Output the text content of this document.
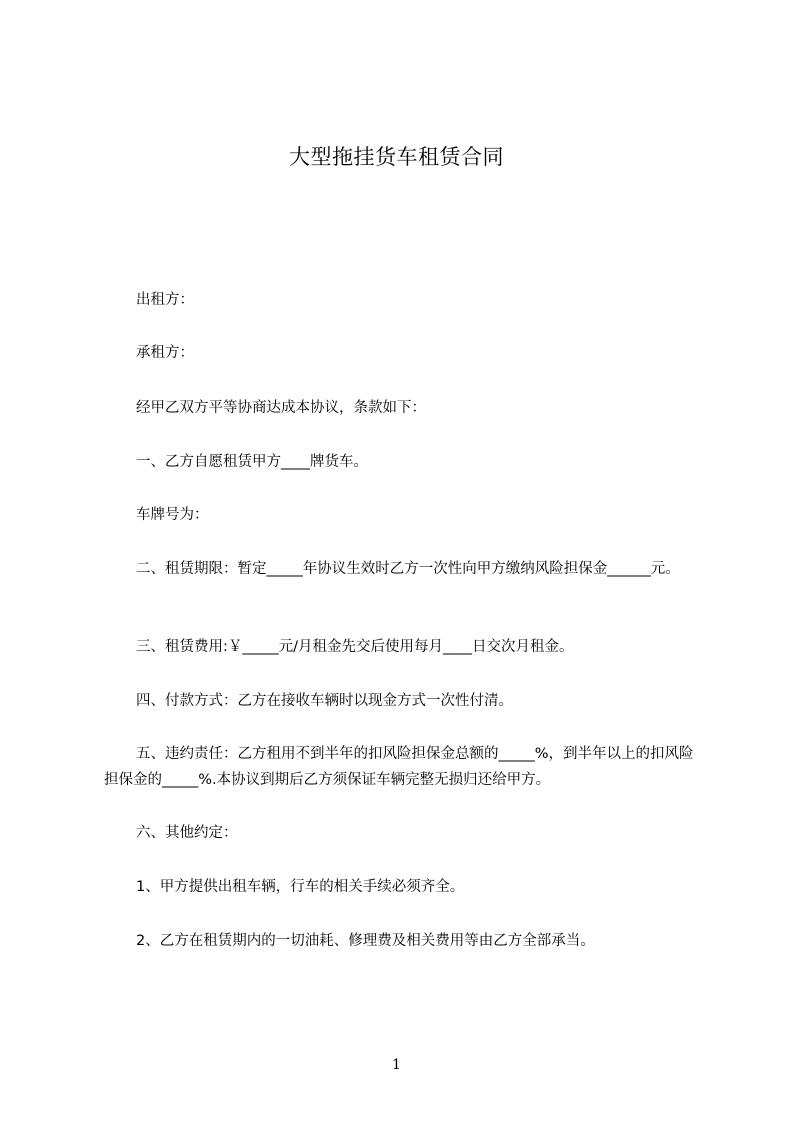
大型拖挂货车租赁合同
出租方：
承租方：
经甲乙双方平等协商达成本协议，条款如下：
一、乙方自愿租赁甲方____牌货车。
车牌号为：
二、租赁期限：暂定_____年协议生效时乙方一次性向甲方缴纳风险担保金______元。
三、租赁费用:￥_____元/月租金先交后使用每月____日交次月租金。
四、付款方式：乙方在接收车辆时以现金方式一次性付清。
五、违约责任：乙方租用不到半年的扣风险担保金总额的_____%，到半年以上的扣风险担保金的_____%.本协议到期后乙方须保证车辆完整无损归还给甲方。
六、其他约定：
1、甲方提供出租车辆，行车的相关手续必须齐全。
2、乙方在租赁期内的一切油耗、修理费及相关费用等由乙方全部承当。
1
